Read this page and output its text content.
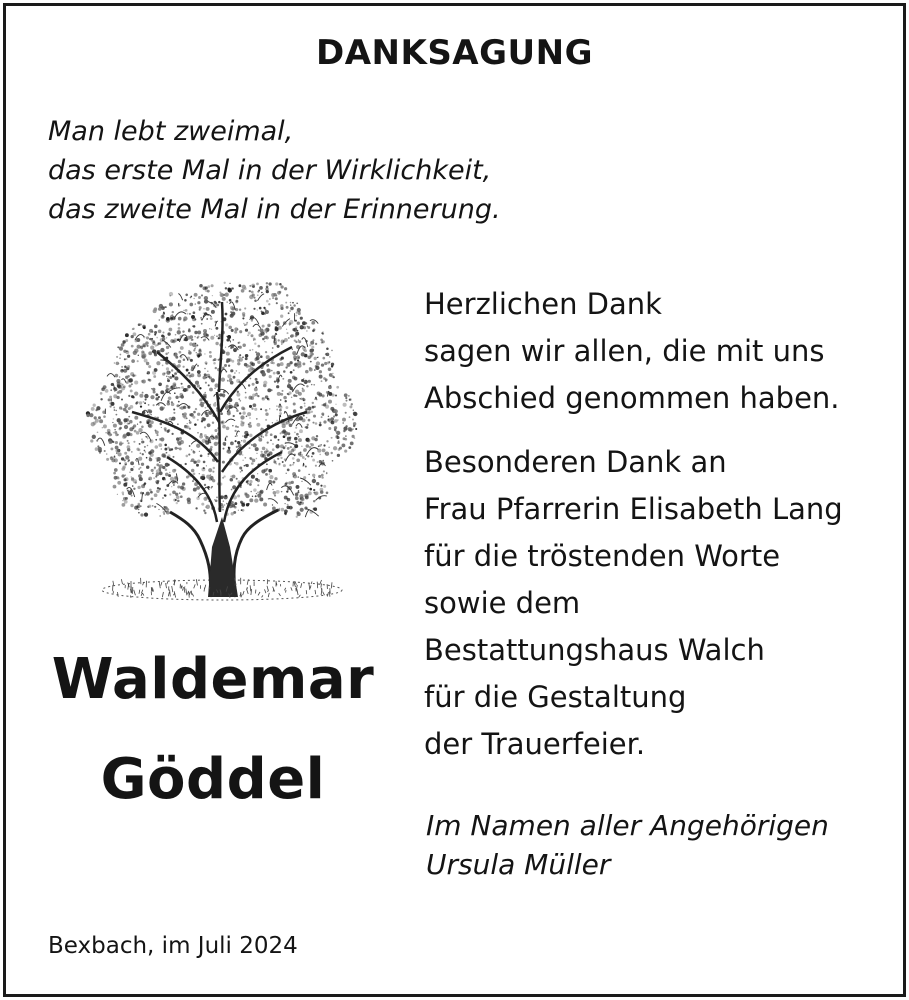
DANKSAGUNG
Man lebt zweimal,
das erste Mal in der Wirklichkeit,
das zweite Mal in der Erinnerung.
Waldemar
Göddel
Herzlichen Dank
sagen wir allen, die mit uns
Abschied genommen haben.
Besonderen Dank an
Frau Pfarrerin Elisabeth Lang
für die tröstenden Worte
sowie dem
Bestattungshaus Walch
für die Gestaltung
der Trauerfeier.
Im Namen aller Angehörigen
Ursula Müller
Bexbach, im Juli 2024
